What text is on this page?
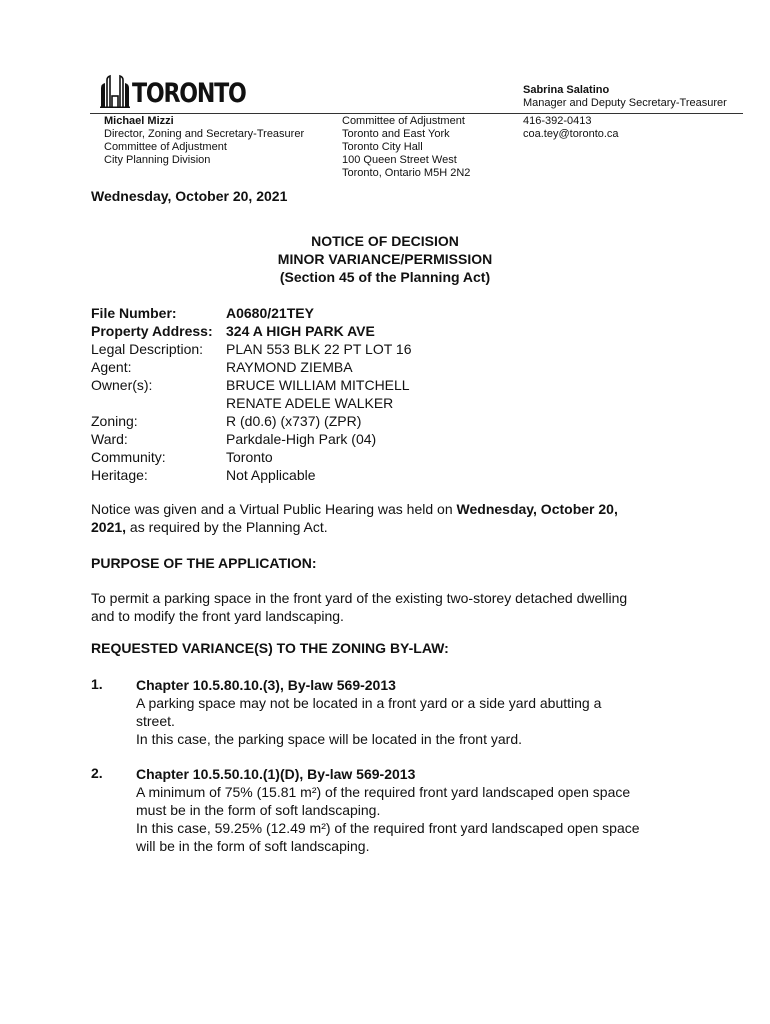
TORONTO	Sabrina Salatino
Manager and Deputy Secretary-Treasurer
Michael Mizzi
Director, Zoning and Secretary-Treasurer
Committee of Adjustment
City Planning Division
Committee of Adjustment
Toronto and East York
Toronto City Hall
100 Queen Street West
Toronto, Ontario M5H 2N2
416-392-0413
coa.tey@toronto.ca
Wednesday, October 20, 2021
NOTICE OF DECISION
MINOR VARIANCE/PERMISSION
(Section 45 of the Planning Act)
File Number:	A0680/21TEY
Property Address: 324 A HIGH PARK AVE
Legal Description:	PLAN 553 BLK 22 PT LOT 16
Agent:	RAYMOND ZIEMBA
Owner(s):	BRUCE WILLIAM MITCHELL
RENATE ADELE WALKER
Zoning:	R (d0.6) (x737) (ZPR)
Ward:	Parkdale-High Park (04)
Community:	Toronto
Heritage:	Not Applicable
Notice was given and a Virtual Public Hearing was held on Wednesday, October 20,
2021, as required by the Planning Act.
PURPOSE OF THE APPLICATION:
To permit a parking space in the front yard of the existing two-storey detached dwelling
and to modify the front yard landscaping.
REQUESTED VARIANCE(S) TO THE ZONING BY-LAW:
1. Chapter 10.5.80.10.(3), By-law 569-2013
A parking space may not be located in a front yard or a side yard abutting a
street.
In this case, the parking space will be located in the front yard.
2. Chapter 10.5.50.10.(1)(D), By-law 569-2013
A minimum of 75% (15.81 m²) of the required front yard landscaped open space
must be in the form of soft landscaping.
In this case, 59.25% (12.49 m²) of the required front yard landscaped open space
will be in the form of soft landscaping.
